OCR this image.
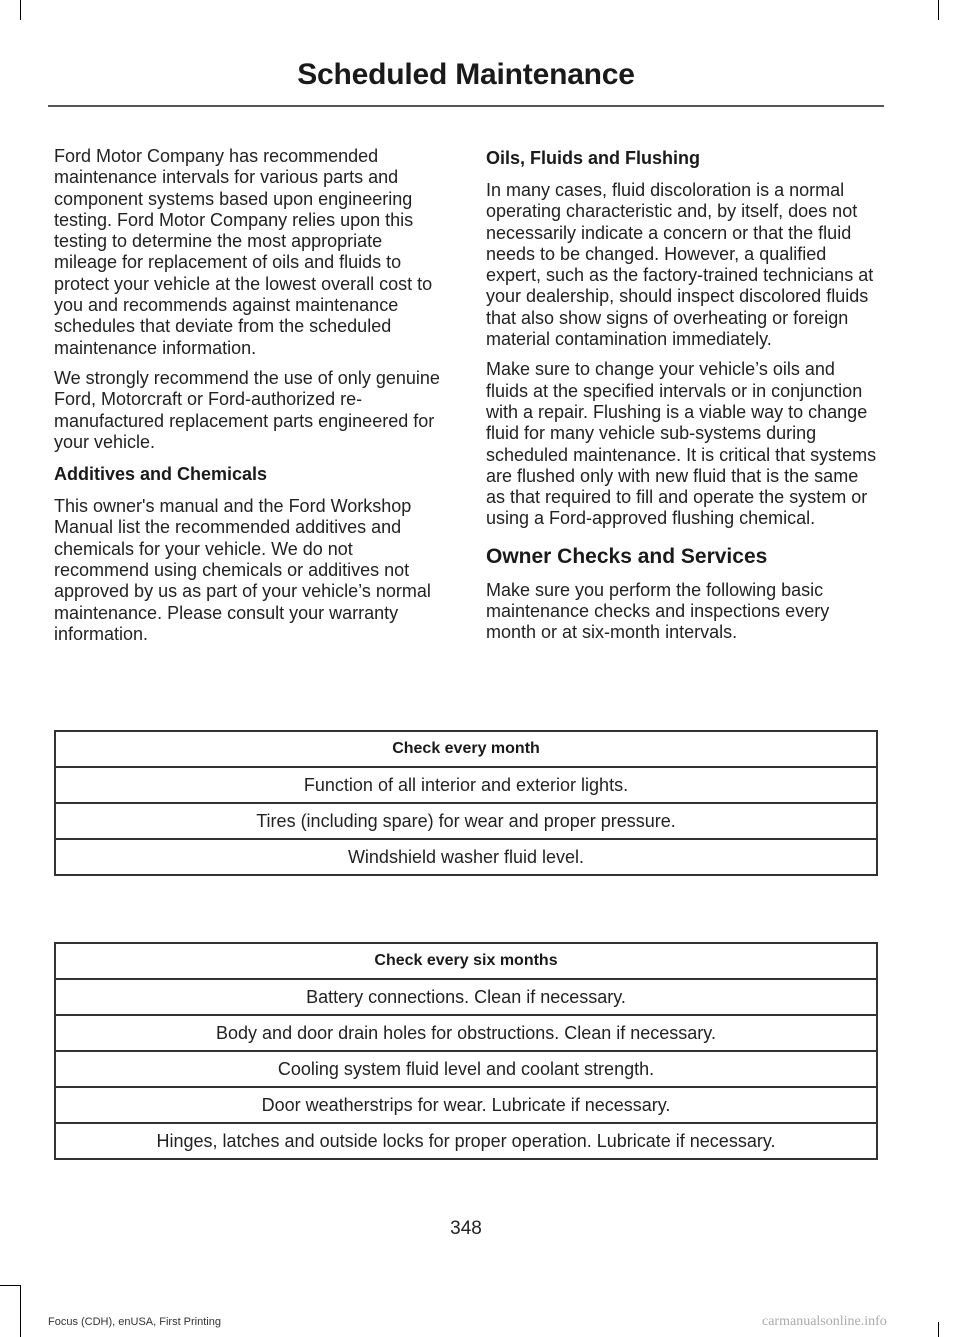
Scheduled Maintenance

Ford Motor Company has recommended maintenance intervals for various parts and component systems based upon engineering testing. Ford Motor Company relies upon this testing to determine the most appropriate mileage for replacement of oils and fluids to protect your vehicle at the lowest overall cost to you and recommends against maintenance schedules that deviate from the scheduled maintenance information.

We strongly recommend the use of only genuine Ford, Motorcraft or Ford-authorized re-manufactured replacement parts engineered for your vehicle.

Additives and Chemicals

This owner's manual and the Ford Workshop Manual list the recommended additives and chemicals for your vehicle. We do not recommend using chemicals or additives not approved by us as part of your vehicle’s normal maintenance. Please consult your warranty information.

Oils, Fluids and Flushing

In many cases, fluid discoloration is a normal operating characteristic and, by itself, does not necessarily indicate a concern or that the fluid needs to be changed. However, a qualified expert, such as the factory-trained technicians at your dealership, should inspect discolored fluids that also show signs of overheating or foreign material contamination immediately.

Make sure to change your vehicle’s oils and fluids at the specified intervals or in conjunction with a repair. Flushing is a viable way to change fluid for many vehicle sub-systems during scheduled maintenance. It is critical that systems are flushed only with new fluid that is the same as that required to fill and operate the system or using a Ford-approved flushing chemical.

Owner Checks and Services

Make sure you perform the following basic maintenance checks and inspections every month or at six-month intervals.

Check every month
Function of all interior and exterior lights.
Tires (including spare) for wear and proper pressure.
Windshield washer fluid level.
Check every six months
Battery connections. Clean if necessary.
Body and door drain holes for obstructions. Clean if necessary.
Cooling system fluid level and coolant strength.
Door weatherstrips for wear. Lubricate if necessary.
Hinges, latches and outside locks for proper operation. Lubricate if necessary.
348
Focus (CDH), enUSA, First Printing	carmanualsonline.info
